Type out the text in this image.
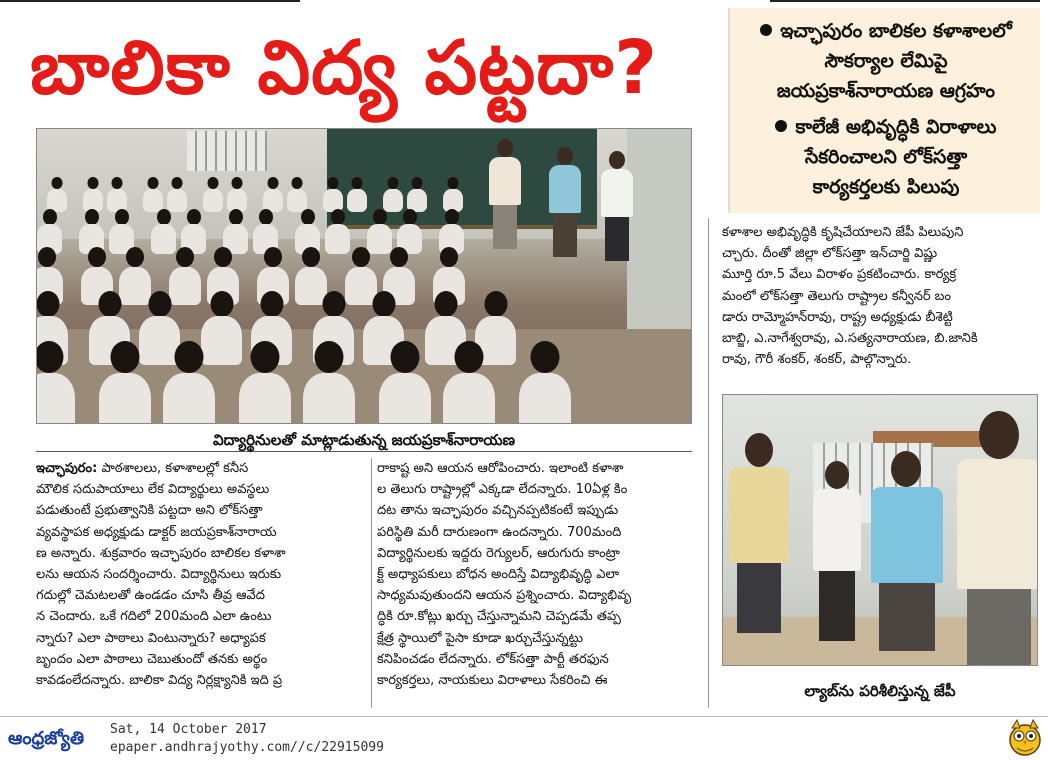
బాలికా విద్య పట్టదా?	ఇచ్ఛాపురం బాలికల కళాశాలలో
సౌకర్యాల లేమిపై
జయప్రకాశ్‌నారాయణ ఆగ్రహం
కాలేజీ అభివృద్ధికి విరాళాలు
సేకరించాలని లోక్‌సత్తా
కార్యకర్తలకు పిలుపు
విద్యార్థినులతో మాట్లాడుతున్న జయప్రకాశ్‌నారాయణ
ఇచ్ఛాపురం: పాఠశాలలు, కళాశాలల్లో కనీస
మౌలిక సదుపాయాలు లేక విద్యార్థులు అవస్థలు
పడుతుంటే ప్రభుత్వానికి పట్టదా అని లోక్‌సత్తా
వ్యవస్థాపక అధ్యక్షుడు డాక్టర్ జయప్రకాశ్‌నారాయ
ణ అన్నారు. శుక్రవారం ఇచ్ఛాపురం బాలికల కళాశా
లను ఆయన సందర్శించారు. విద్యార్థినులు ఇరుకు
గదుల్లో చెమటలతో ఉండడం చూసి తీవ్ర ఆవేద
న చెందారు. ఒకే గదిలో 200మంది ఎలా ఉంటు
న్నారు? ఎలా పాఠాలు వింటున్నారు? అధ్యాపక
బృందం ఎలా పాఠాలు చెబుతుందో తనకు అర్థం
కావడంలేదన్నారు. బాలికా విద్య నిర్లక్ష్యానికి ఇది ప్ర
రాకాష్ట అని ఆయన ఆరోపించారు. ఇలాంటి కళాశా
ల తెలుగు రాష్ట్రాల్లో ఎక్కడా లేదన్నారు. 10ఏళ్ల కిం
దట తాను ఇచ్ఛాపురం వచ్చినప్పటికంటే ఇప్పుడు
పరిస్థితి మరీ దారుణంగా ఉందన్నారు. 700మంది
విద్యార్థినులకు ఇద్దరు రెగ్యులర్, ఆరుగురు కాంట్రా
క్ట్ అధ్యాపకులు బోధన అందిస్తే విద్యాభివృద్ధి ఎలా
సాధ్యమవుతుందని ఆయన ప్రశ్నించారు. విద్యాభివృ
ద్ధికి రూ.కోట్లు ఖర్చు చేస్తున్నామని చెప్పడమే తప్ప
క్షేత్ర స్థాయిలో పైసా కూడా ఖర్చుచేస్తున్నట్టు
కనిపించడం లేదన్నారు. లోక్‌సత్తా పార్టీ తరఫున
కార్యకర్తలు, నాయకులు విరాళాలు సేకరించి ఈ
కళాశాల అభివృద్ధికి కృషిచేయాలని జేపీ పిలుపుని
చ్చారు. దీంతో జిల్లా లోక్‌సత్తా ఇన్‌చార్జి విష్ణు
మూర్తి రూ.5 వేలు విరాళం ప్రకటించారు. కార్యక్ర
మంలో లోక్‌సత్తా తెలుగు రాష్ట్రాల కన్వీనర్ బం
డారు రామ్మోహన్‌రావు, రాష్ట్ర అధ్యక్షుడు బీశెట్టి
బాబ్జి, ఎ.నాగేశ్వరావు, ఎ.సత్యనారాయణ, బి.జానికి
రావు, గౌరీ శంకర్, శంకర్, పాల్గొన్నారు.
ల్యాబ్‌ను పరిశీలిస్తున్న జేపీ
ఆంధ్రజ్యోతి	Sat, 14 October 2017
epaper.andhrajyothy.com//c/22915099
